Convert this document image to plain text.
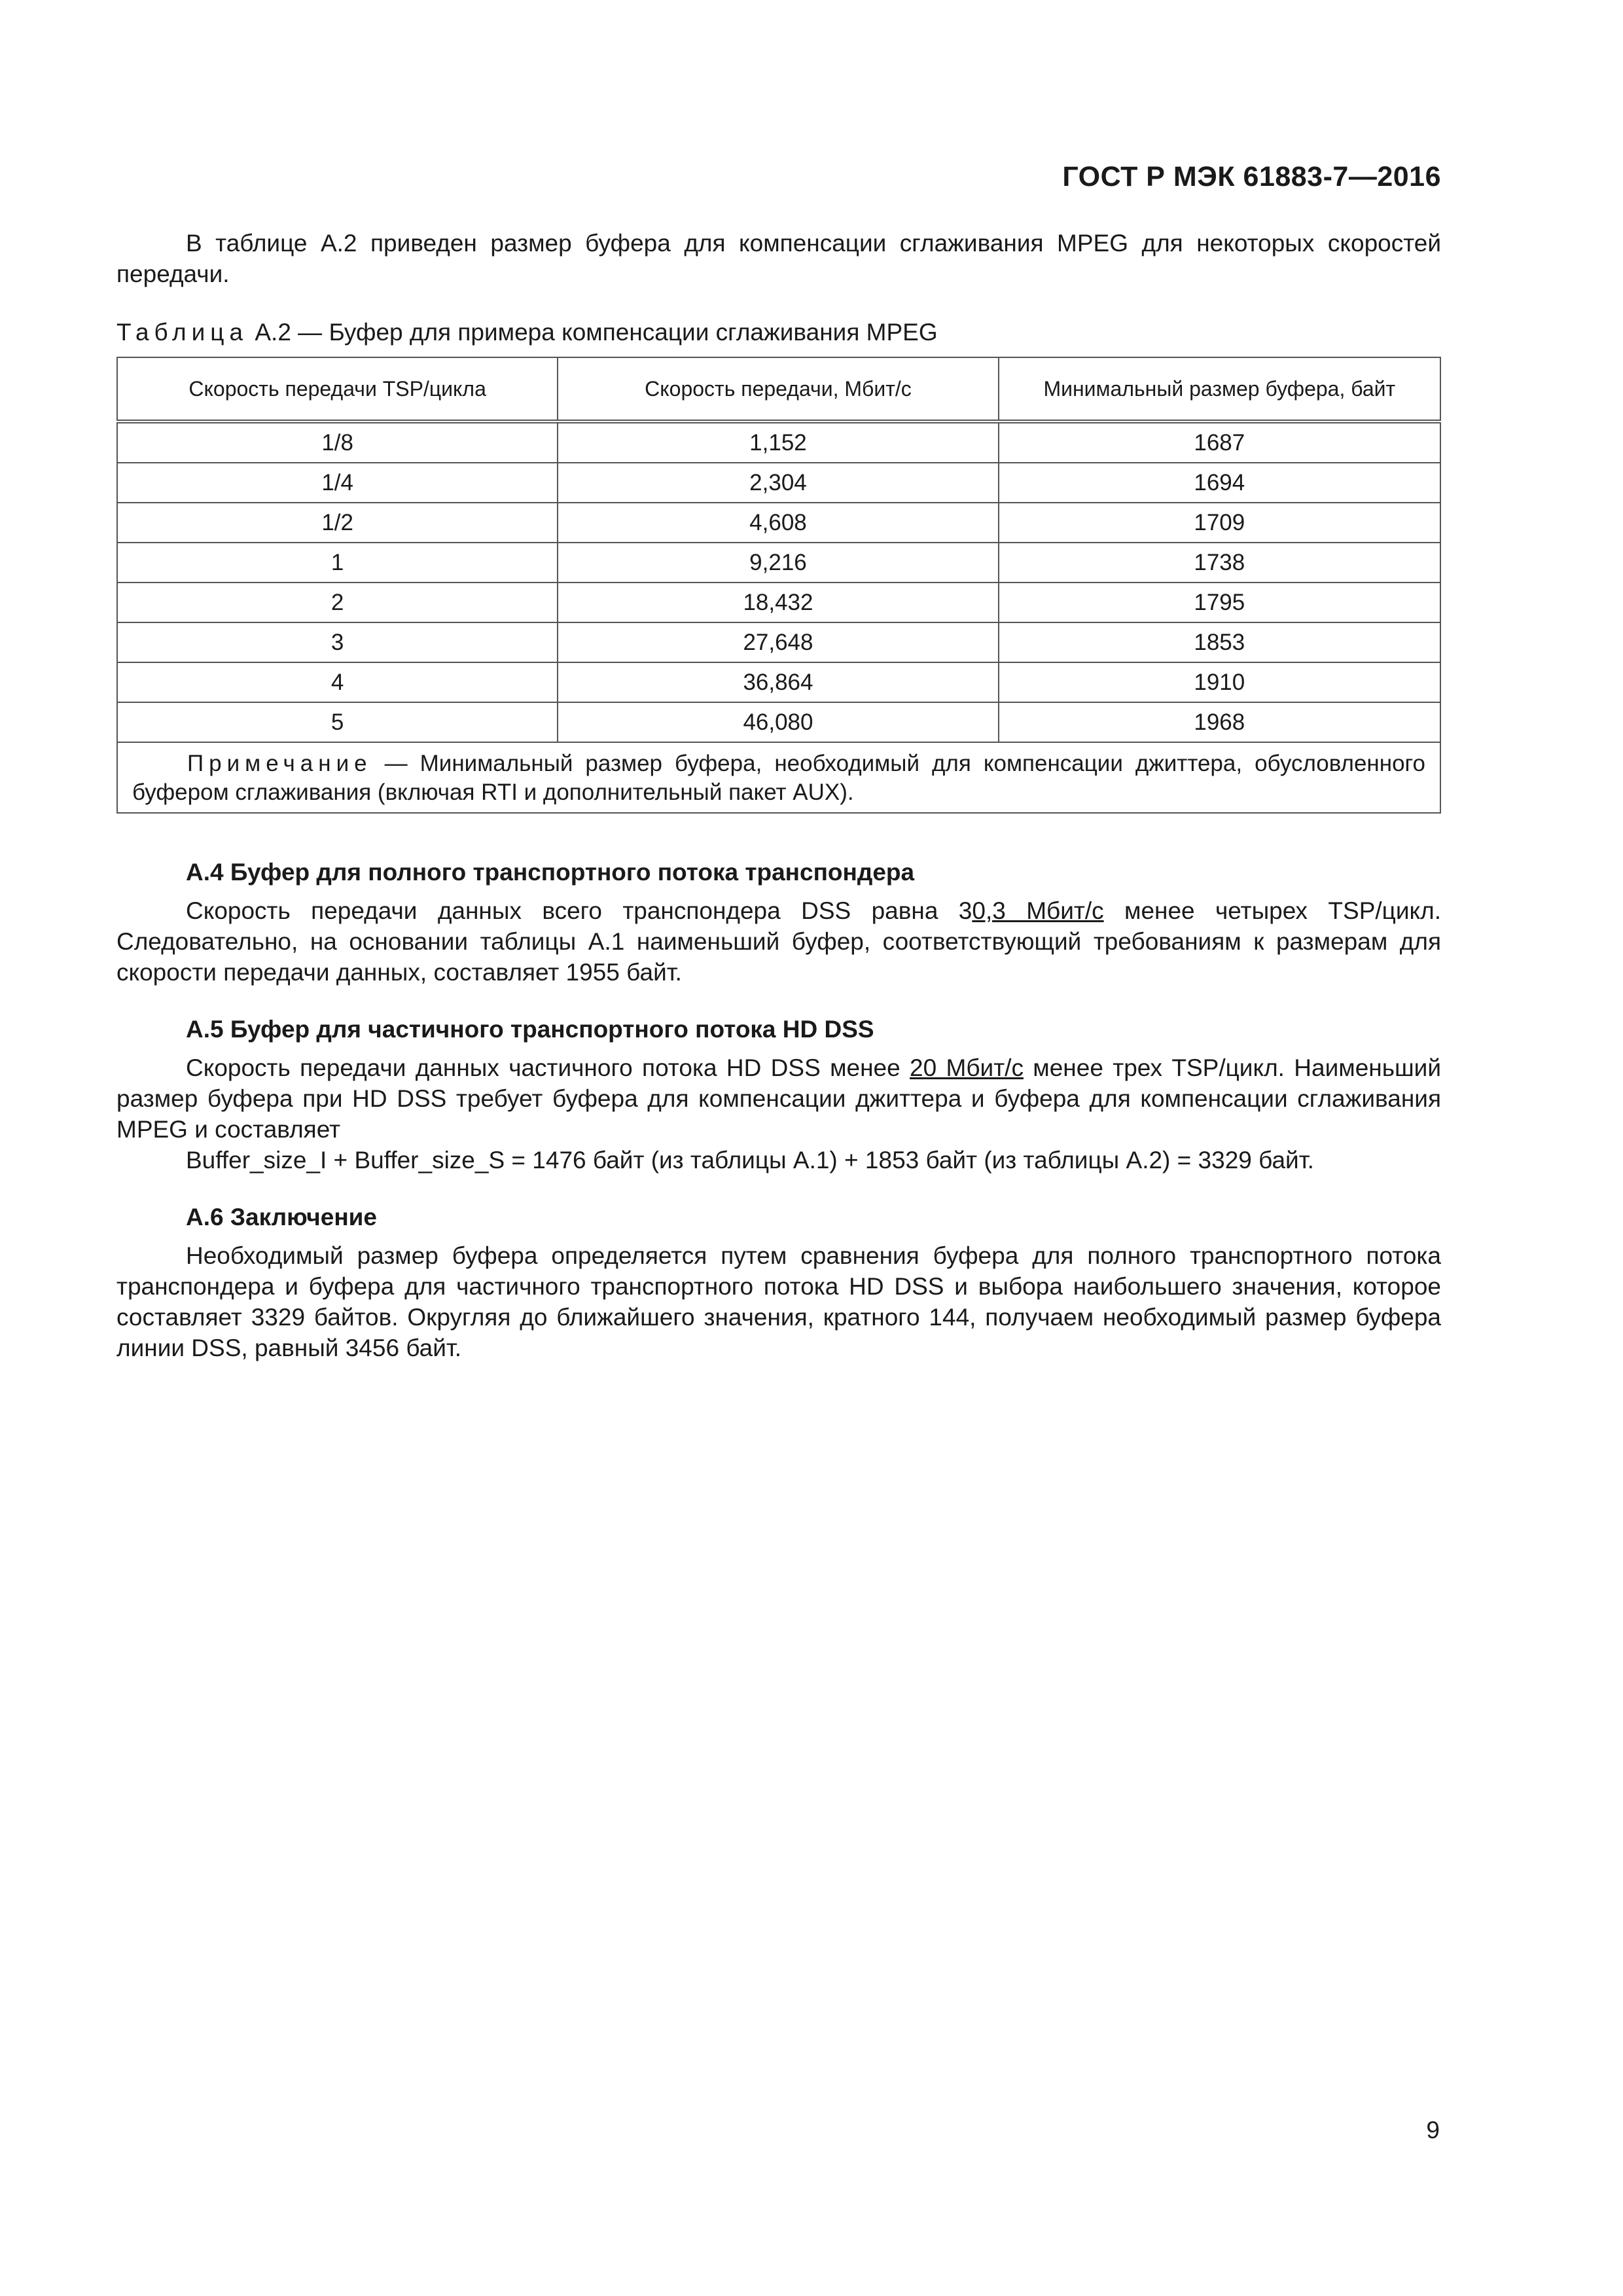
ГОСТ Р МЭК 61883-7—2016

В таблице А.2 приведен размер буфера для компенсации сглаживания MPEG для некоторых скоростей передачи.

Таблица А.2 — Буфер для примера компенсации сглаживания MPEG

Скорость передачи TSP/цикла	Скорость передачи, Мбит/с	Минимальный размер буфера, байт
1/8	1,152	1687
1/4	2,304	1694
1/2	4,608	1709
1	9,216	1738
2	18,432	1795
3	27,648	1853
4	36,864	1910
5	46,080	1968
Примечание — Минимальный размер буфера, необходимый для компенсации джиттера, обусловленного буфером сглаживания (включая RTI и дополнительный пакет AUX).		

А.4 Буфер для полного транспортного потока транспондера

Скорость передачи данных всего транспондера DSS равна 30,3 Мбит/с менее четырех TSP/цикл. Следовательно, на основании таблицы А.1 наименьший буфер, соответствующий требованиям к размерам для скорости передачи данных, составляет 1955 байт.

А.5 Буфер для частичного транспортного потока HD DSS

Скорость передачи данных частичного потока HD DSS менее 20 Мбит/с менее трех TSP/цикл. Наименьший размер буфера при HD DSS требует буфера для компенсации джиттера и буфера для компенсации сглаживания MPEG и составляет

Buffer_size_I + Buffer_size_S = 1476 байт (из таблицы А.1) + 1853 байт (из таблицы А.2) = 3329 байт.

А.6 Заключение

Необходимый размер буфера определяется путем сравнения буфера для полного транспортного потока транспондера и буфера для частичного транспортного потока HD DSS и выбора наибольшего значения, которое составляет 3329 байтов. Округляя до ближайшего значения, кратного 144, получаем необходимый размер буфера линии DSS, равный 3456 байт.

9
